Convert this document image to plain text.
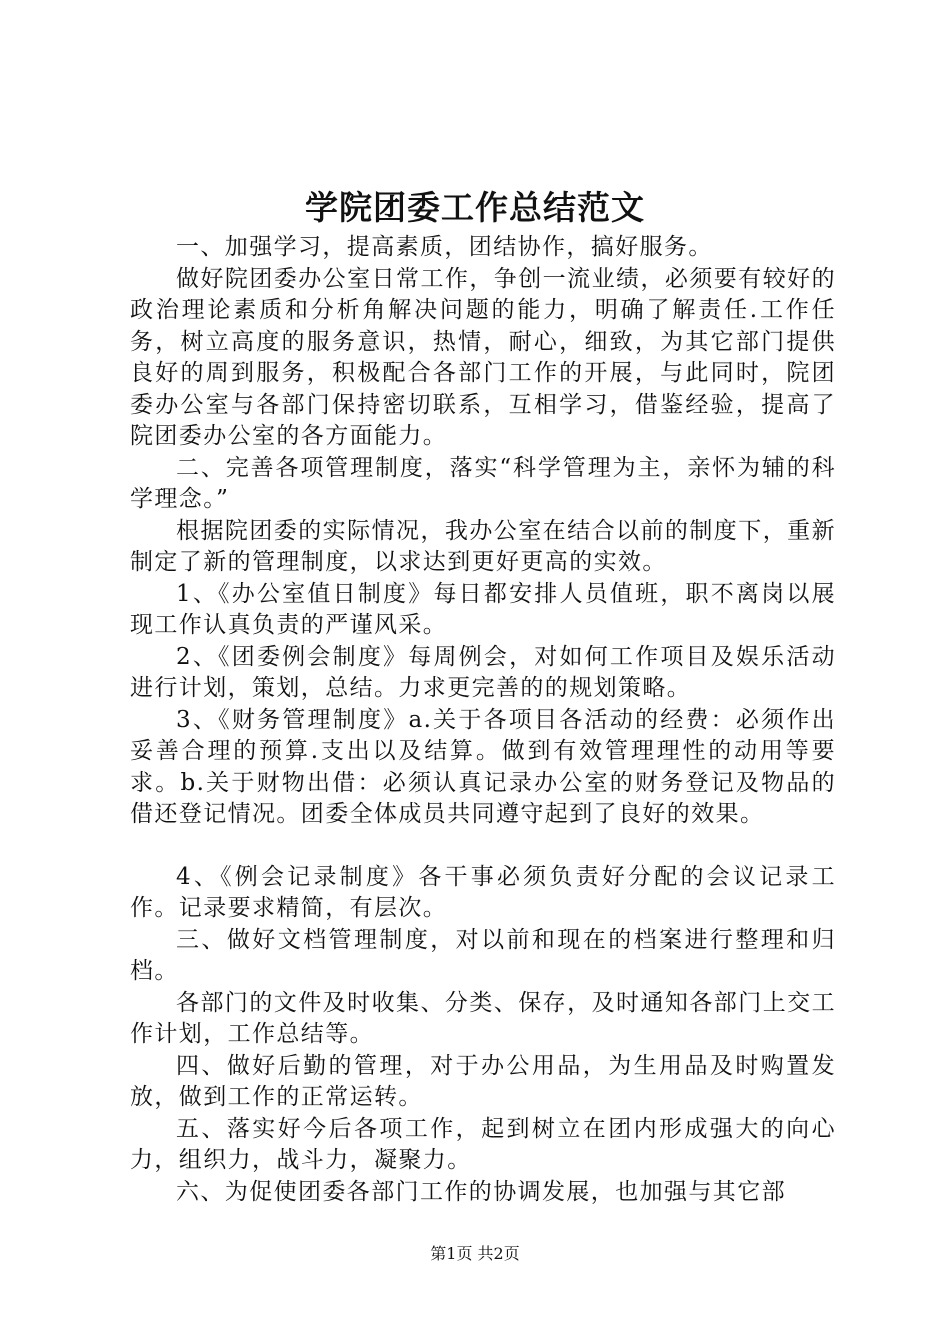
学院团委工作总结范文

一、加强学习，提高素质，团结协作，搞好服务。

做好院团委办公室日常工作，争创一流业绩，必须要有较好的政治理论素质和分析角解决问题的能力，明确了解责任.工作任务，树立高度的服务意识，热情，耐心，细致，为其它部门提供良好的周到服务，积极配合各部门工作的开展，与此同时，院团委办公室与各部门保持密切联系，互相学习，借鉴经验，提高了院团委办公室的各方面能力。

二、完善各项管理制度，落实“科学管理为主，亲怀为辅的科学理念。”

根据院团委的实际情况，我办公室在结合以前的制度下，重新制定了新的管理制度，以求达到更好更高的实效。

1、《办公室值日制度》每日都安排人员值班，职不离岗以展现工作认真负责的严谨风采。

2、《团委例会制度》每周例会，对如何工作项目及娱乐活动进行计划，策划，总结。力求更完善的的规划策略。

3、《财务管理制度》a.关于各项目各活动的经费：必须作出妥善合理的预算.支出以及结算。做到有效管理理性的动用等要求。b.关于财物出借：必须认真记录办公室的财务登记及物品的借还登记情况。团委全体成员共同遵守起到了良好的效果。

4、《例会记录制度》各干事必须负责好分配的会议记录工作。记录要求精简，有层次。

三、做好文档管理制度，对以前和现在的档案进行整理和归档。

各部门的文件及时收集、分类、保存，及时通知各部门上交工作计划，工作总结等。

四、做好后勤的管理，对于办公用品，为生用品及时购置发放，做到工作的正常运转。

五、落实好今后各项工作，起到树立在团内形成强大的向心力，组织力，战斗力，凝聚力。

六、为促使团委各部门工作的协调发展，也加强与其它部

第1页 共2页
